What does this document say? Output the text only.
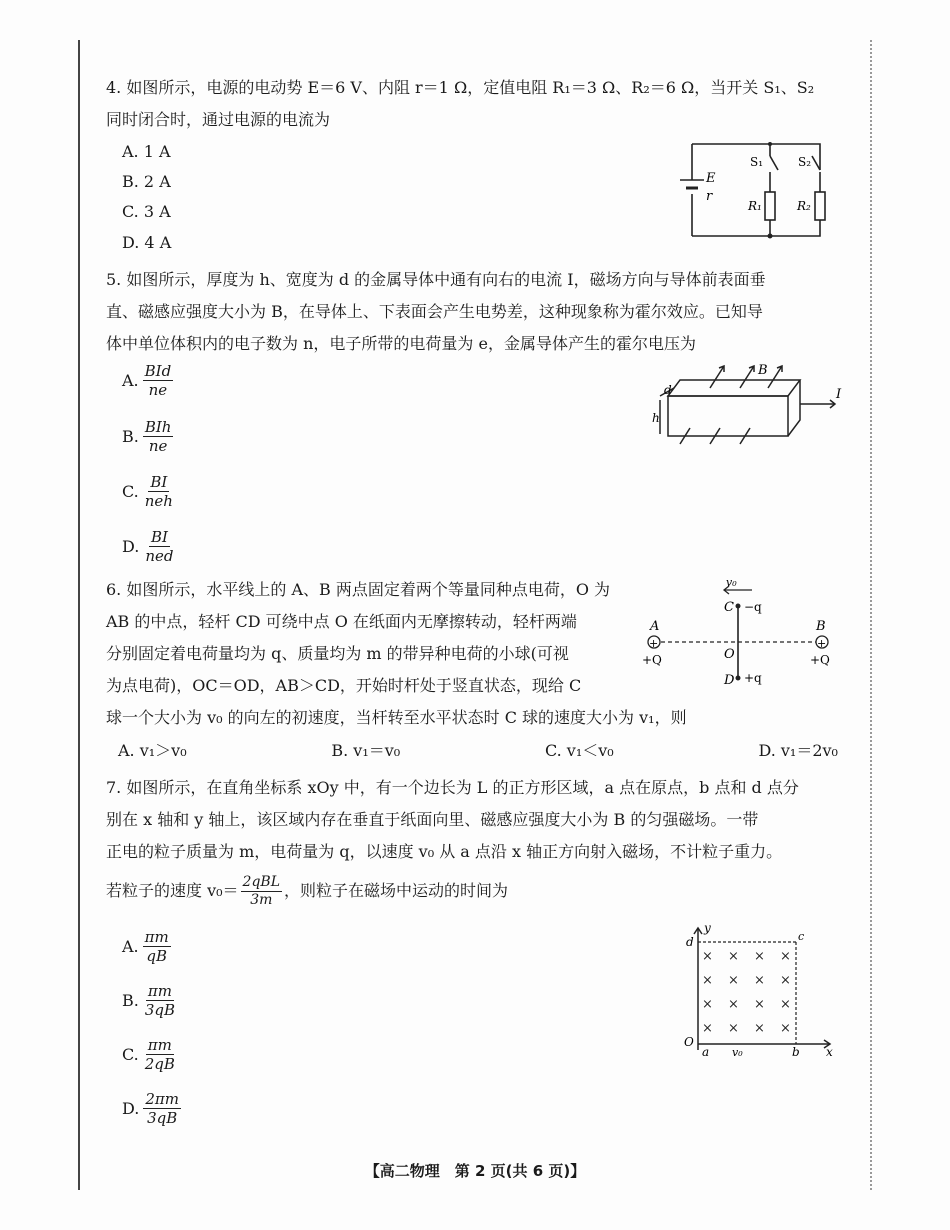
4. 如图所示，电源的电动势 E＝6 V、内阻 r＝1 Ω，定值电阻 R₁＝3 Ω、R₂＝6 Ω，当开关 S₁、S₂
同时闭合时，通过电源的电流为
A. 1 A
B. 2 A
C. 3 A
D. 4 A
E
r
S₁	S₂
R₁	R₂
5. 如图所示，厚度为 h、宽度为 d 的金属导体中通有向右的电流 I，磁场方向与导体前表面垂
直、磁感应强度大小为 B，在导体上、下表面会产生电势差，这种现象称为霍尔效应。已知导
体中单位体积内的电子数为 n，电子所带的电荷量为 e，金属导体产生的霍尔电压为
A. $\frac{\text{BId}}{ne}$
B. $\frac{\text{BIh}}{ne}$
C. $\frac{BI}{\text{neh}}$
D. $\frac{BI}{\text{ned}}$
d
h
B
I
6. 如图所示，水平线上的 A、B 两点固定着两个等量同种点电荷，O 为
AB 的中点，轻杆 CD 可绕中点 O 在纸面内无摩擦转动，轻杆两端
分别固定着电荷量均为 q、质量均为 m 的带异种电荷的小球(可视
为点电荷)，OC＝OD，AB＞CD，开始时杆处于竖直状态，现给 C
球一个大小为 v₀ 的向左的初速度，当杆转至水平状态时 C 球的速度大小为 v₁，则
A. v₁＞v₀	B. v₁＝v₀	C. v₁＜v₀	D. v₁＝2v₀
+	+
v₀
C −q
A	B
+Q	+Q
O
D +q
7. 如图所示，在直角坐标系 xOy 中，有一个边长为 L 的正方形区域，a 点在原点，b 点和 d 点分
别在 x 轴和 y 轴上，该区域内存在垂直于纸面向里、磁感应强度大小为 B 的匀强磁场。一带
正电的粒子质量为 m，电荷量为 q，以速度 v₀ 从 a 点沿 x 轴正方向射入磁场，不计粒子重力。
若粒子的速度 $v_0= \frac{\text{2qBL}}{3m}$ ，则粒子在磁场中运动的时间为
A. $\frac{\pi m}{qB}$
B. $\frac{\pi m}{3qB}$
C. $\frac{\pi m}{2qB}$
D. $\frac{2\pi m}{3qB}$
× × × ×
× × × ×
× × × ×
× × × ×
y
x
d	c
O
a v₀	b
【高二物理　第 2 页(共 6 页)】
